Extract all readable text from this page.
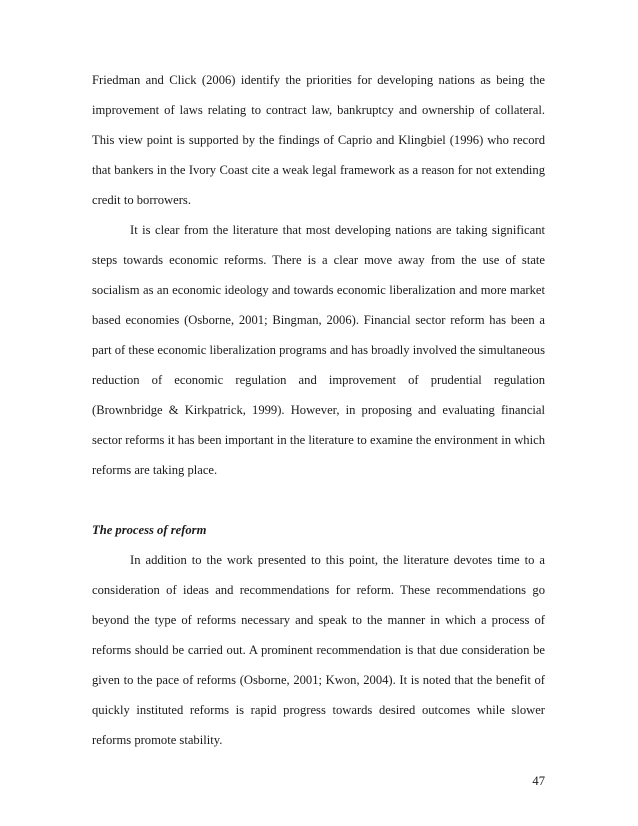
Friedman and Click (2006) identify the priorities for developing nations as being the
improvement of laws relating to contract law, bankruptcy and ownership of collateral.
This view point is supported by the findings of Caprio and Klingbiel (1996) who record
that bankers in the Ivory Coast cite a weak legal framework as a reason for not extending
credit to borrowers.
It is clear from the literature that most developing nations are taking significant
steps towards economic reforms. There is a clear move away from the use of state
socialism as an economic ideology and towards economic liberalization and more market
based economies (Osborne, 2001; Bingman, 2006). Financial sector reform has been a
part of these economic liberalization programs and has broadly involved the simultaneous
reduction of economic regulation and improvement of prudential regulation
(Brownbridge & Kirkpatrick, 1999). However, in proposing and evaluating financial
sector reforms it has been important in the literature to examine the environment in which
reforms are taking place.
The process of reform
In addition to the work presented to this point, the literature devotes time to a
consideration of ideas and recommendations for reform. These recommendations go
beyond the type of reforms necessary and speak to the manner in which a process of
reforms should be carried out. A prominent recommendation is that due consideration be
given to the pace of reforms (Osborne, 2001; Kwon, 2004). It is noted that the benefit of
quickly instituted reforms is rapid progress towards desired outcomes while slower
reforms promote stability.
47
